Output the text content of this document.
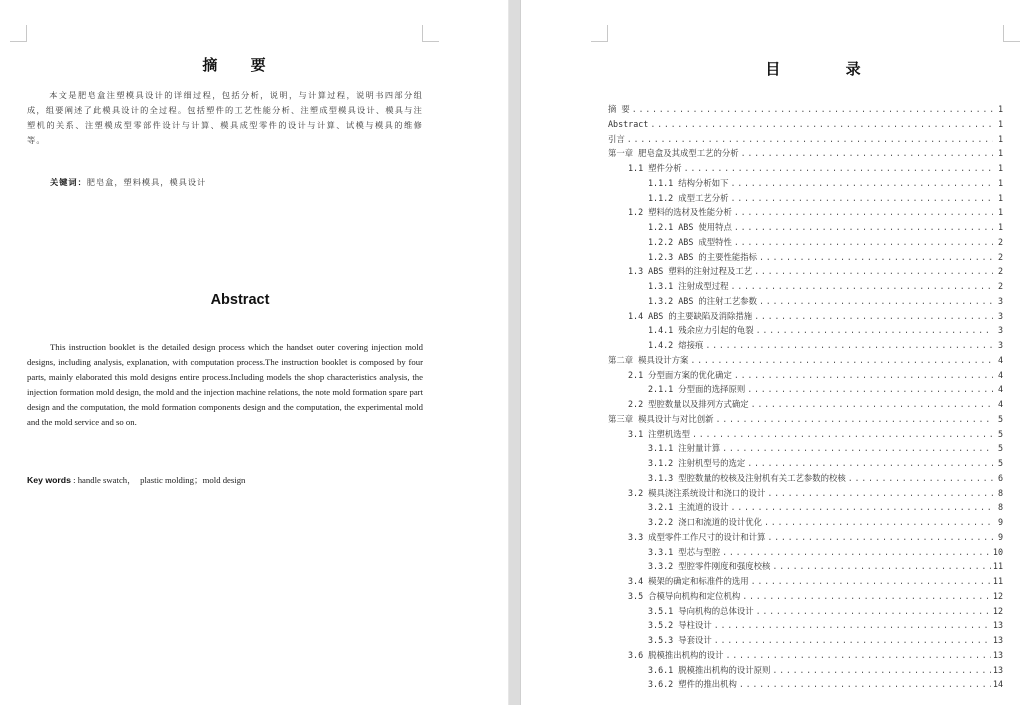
摘 要
本文是肥皂盒注塑模具设计的详细过程，包括分析，说明，与计算过程，说明书四部分组成，组要阐述了此模具设计的全过程。包括塑件的工艺性能分析、注塑成型模具设计、模具与注塑机的关系、注塑模成型零部件设计与计算、模具成型零件的设计与计算、试模与模具的维修等。
关键词：肥皂盒，塑料模具，模具设计
Abstract
This instruction booklet is the detailed design process which the handset outer covering injection mold designs, including analysis, explanation, with computation process.The instruction booklet is composed by four parts, mainly elaborated this mold designs entire process.Including models the shop characteristics analysis, the injection formation mold design, the mold and the injection machine relations, the note mold formation spare part design and the computation, the mold formation components design and the computation, the experimental mold and the mold service and so on.
Key words : handle swatch，  plastic molding；mold design
目 录
摘 要 .....	1
Abstract .....	1
引言 .....	1
第一章 肥皂盒及其成型工艺的分析 .....	1
1.1 塑件分析 .....	1
1.1.1 结构分析如下 .....	1
1.1.2 成型工艺分析 .....	1
1.2 塑料的选材及性能分析 .....	1
1.2.1 ABS 使用特点 .....	1
1.2.2 ABS 成型特性 .....	2
1.2.3 ABS 的主要性能指标 .....	2
1.3 ABS 塑料的注射过程及工艺 .....	2
1.3.1 注射成型过程 .....	2
1.3.2 ABS 的注射工艺参数 .....	3
1.4 ABS 的主要缺陷及消除措施 .....	3
1.4.1 残余应力引起的龟裂 .....	3
1.4.2 熔接痕 .....	3
第二章 模具设计方案 .....	4
2.1 分型面方案的优化确定 .....	4
2.1.1 分型面的选择原则 .....	4
2.2 型腔数量以及排列方式确定 .....	4
第三章 模具设计与对比创新 .....	5
3.1 注塑机选型 .....	5
3.1.1 注射量计算 .....	5
3.1.2 注射机型号的选定 .....	5
3.1.3 型腔数量的校核及注射机有关工艺参数的校核 .....	6
3.2 模具浇注系统设计和浇口的设计 .....	8
3.2.1 主流道的设计 .....	8
3.2.2 浇口和流道的设计优化 .....	9
3.3 成型零件工作尺寸的设计和计算 .....	9
3.3.1 型芯与型腔 .....	10
3.3.2 型腔零件刚度和强度校核 .....	11
3.4 模架的确定和标准件的选用 .....	11
3.5 合模导向机构和定位机构 .....	12
3.5.1 导向机构的总体设计 .....	12
3.5.2 导柱设计 .....	13
3.5.3 导套设计 .....	13
3.6 脱模推出机构的设计 .....	13
3.6.1 脱模推出机构的设计原则 .....	13
3.6.2 塑件的推出机构 .....	14
